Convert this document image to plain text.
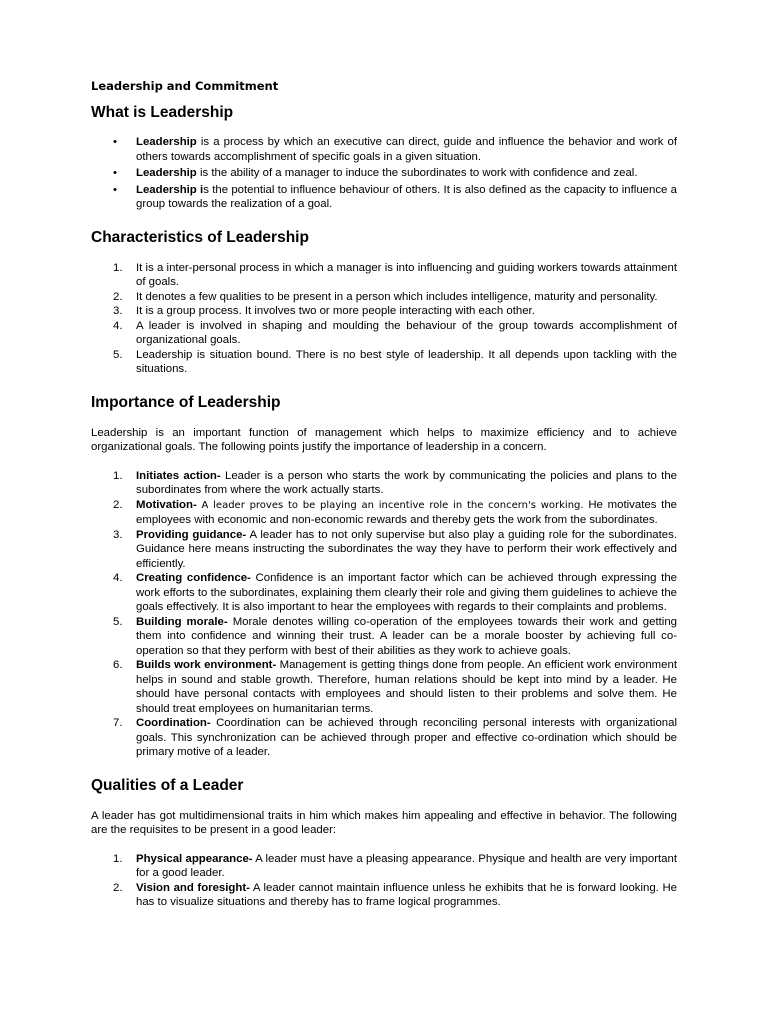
Leadership and Commitment
What is Leadership
• Leadership is a process by which an executive can direct, guide and influence the behavior and work of others towards accomplishment of specific goals in a given situation.
• Leadership is the ability of a manager to induce the subordinates to work with confidence and zeal.
• Leadership is the potential to influence behaviour of others. It is also defined as the capacity to influence a group towards the realization of a goal.
Characteristics of Leadership
1. It is a inter-personal process in which a manager is into influencing and guiding workers towards attainment of goals.
2. It denotes a few qualities to be present in a person which includes intelligence, maturity and personality.
3. It is a group process. It involves two or more people interacting with each other.
4. A leader is involved in shaping and moulding the behaviour of the group towards accomplishment of organizational goals.
5. Leadership is situation bound. There is no best style of leadership. It all depends upon tackling with the situations.
Importance of Leadership

Leadership is an important function of management which helps to maximize efficiency and to achieve organizational goals. The following points justify the importance of leadership in a concern.

1. Initiates action- Leader is a person who starts the work by communicating the policies and plans to the subordinates from where the work actually starts.
2. Motivation- A leader proves to be playing an incentive role in the concern's working. He motivates the employees with economic and non-economic rewards and thereby gets the work from the subordinates.
3. Providing guidance- A leader has to not only supervise but also play a guiding role for the subordinates. Guidance here means instructing the subordinates the way they have to perform their work effectively and efficiently.
4. Creating confidence- Confidence is an important factor which can be achieved through expressing the work efforts to the subordinates, explaining them clearly their role and giving them guidelines to achieve the goals effectively. It is also important to hear the employees with regards to their complaints and problems.
5. Building morale- Morale denotes willing co-operation of the employees towards their work and getting them into confidence and winning their trust. A leader can be a morale booster by achieving full co-operation so that they perform with best of their abilities as they work to achieve goals.
6. Builds work environment- Management is getting things done from people. An efficient work environment helps in sound and stable growth. Therefore, human relations should be kept into mind by a leader. He should have personal contacts with employees and should listen to their problems and solve them. He should treat employees on humanitarian terms.
7. Coordination- Coordination can be achieved through reconciling personal interests with organizational goals. This synchronization can be achieved through proper and effective co-ordination which should be primary motive of a leader.
Qualities of a Leader

A leader has got multidimensional traits in him which makes him appealing and effective in behavior. The following are the requisites to be present in a good leader:

1. Physical appearance- A leader must have a pleasing appearance. Physique and health are very important for a good leader.
2. Vision and foresight- A leader cannot maintain influence unless he exhibits that he is forward looking. He has to visualize situations and thereby has to frame logical programmes.
